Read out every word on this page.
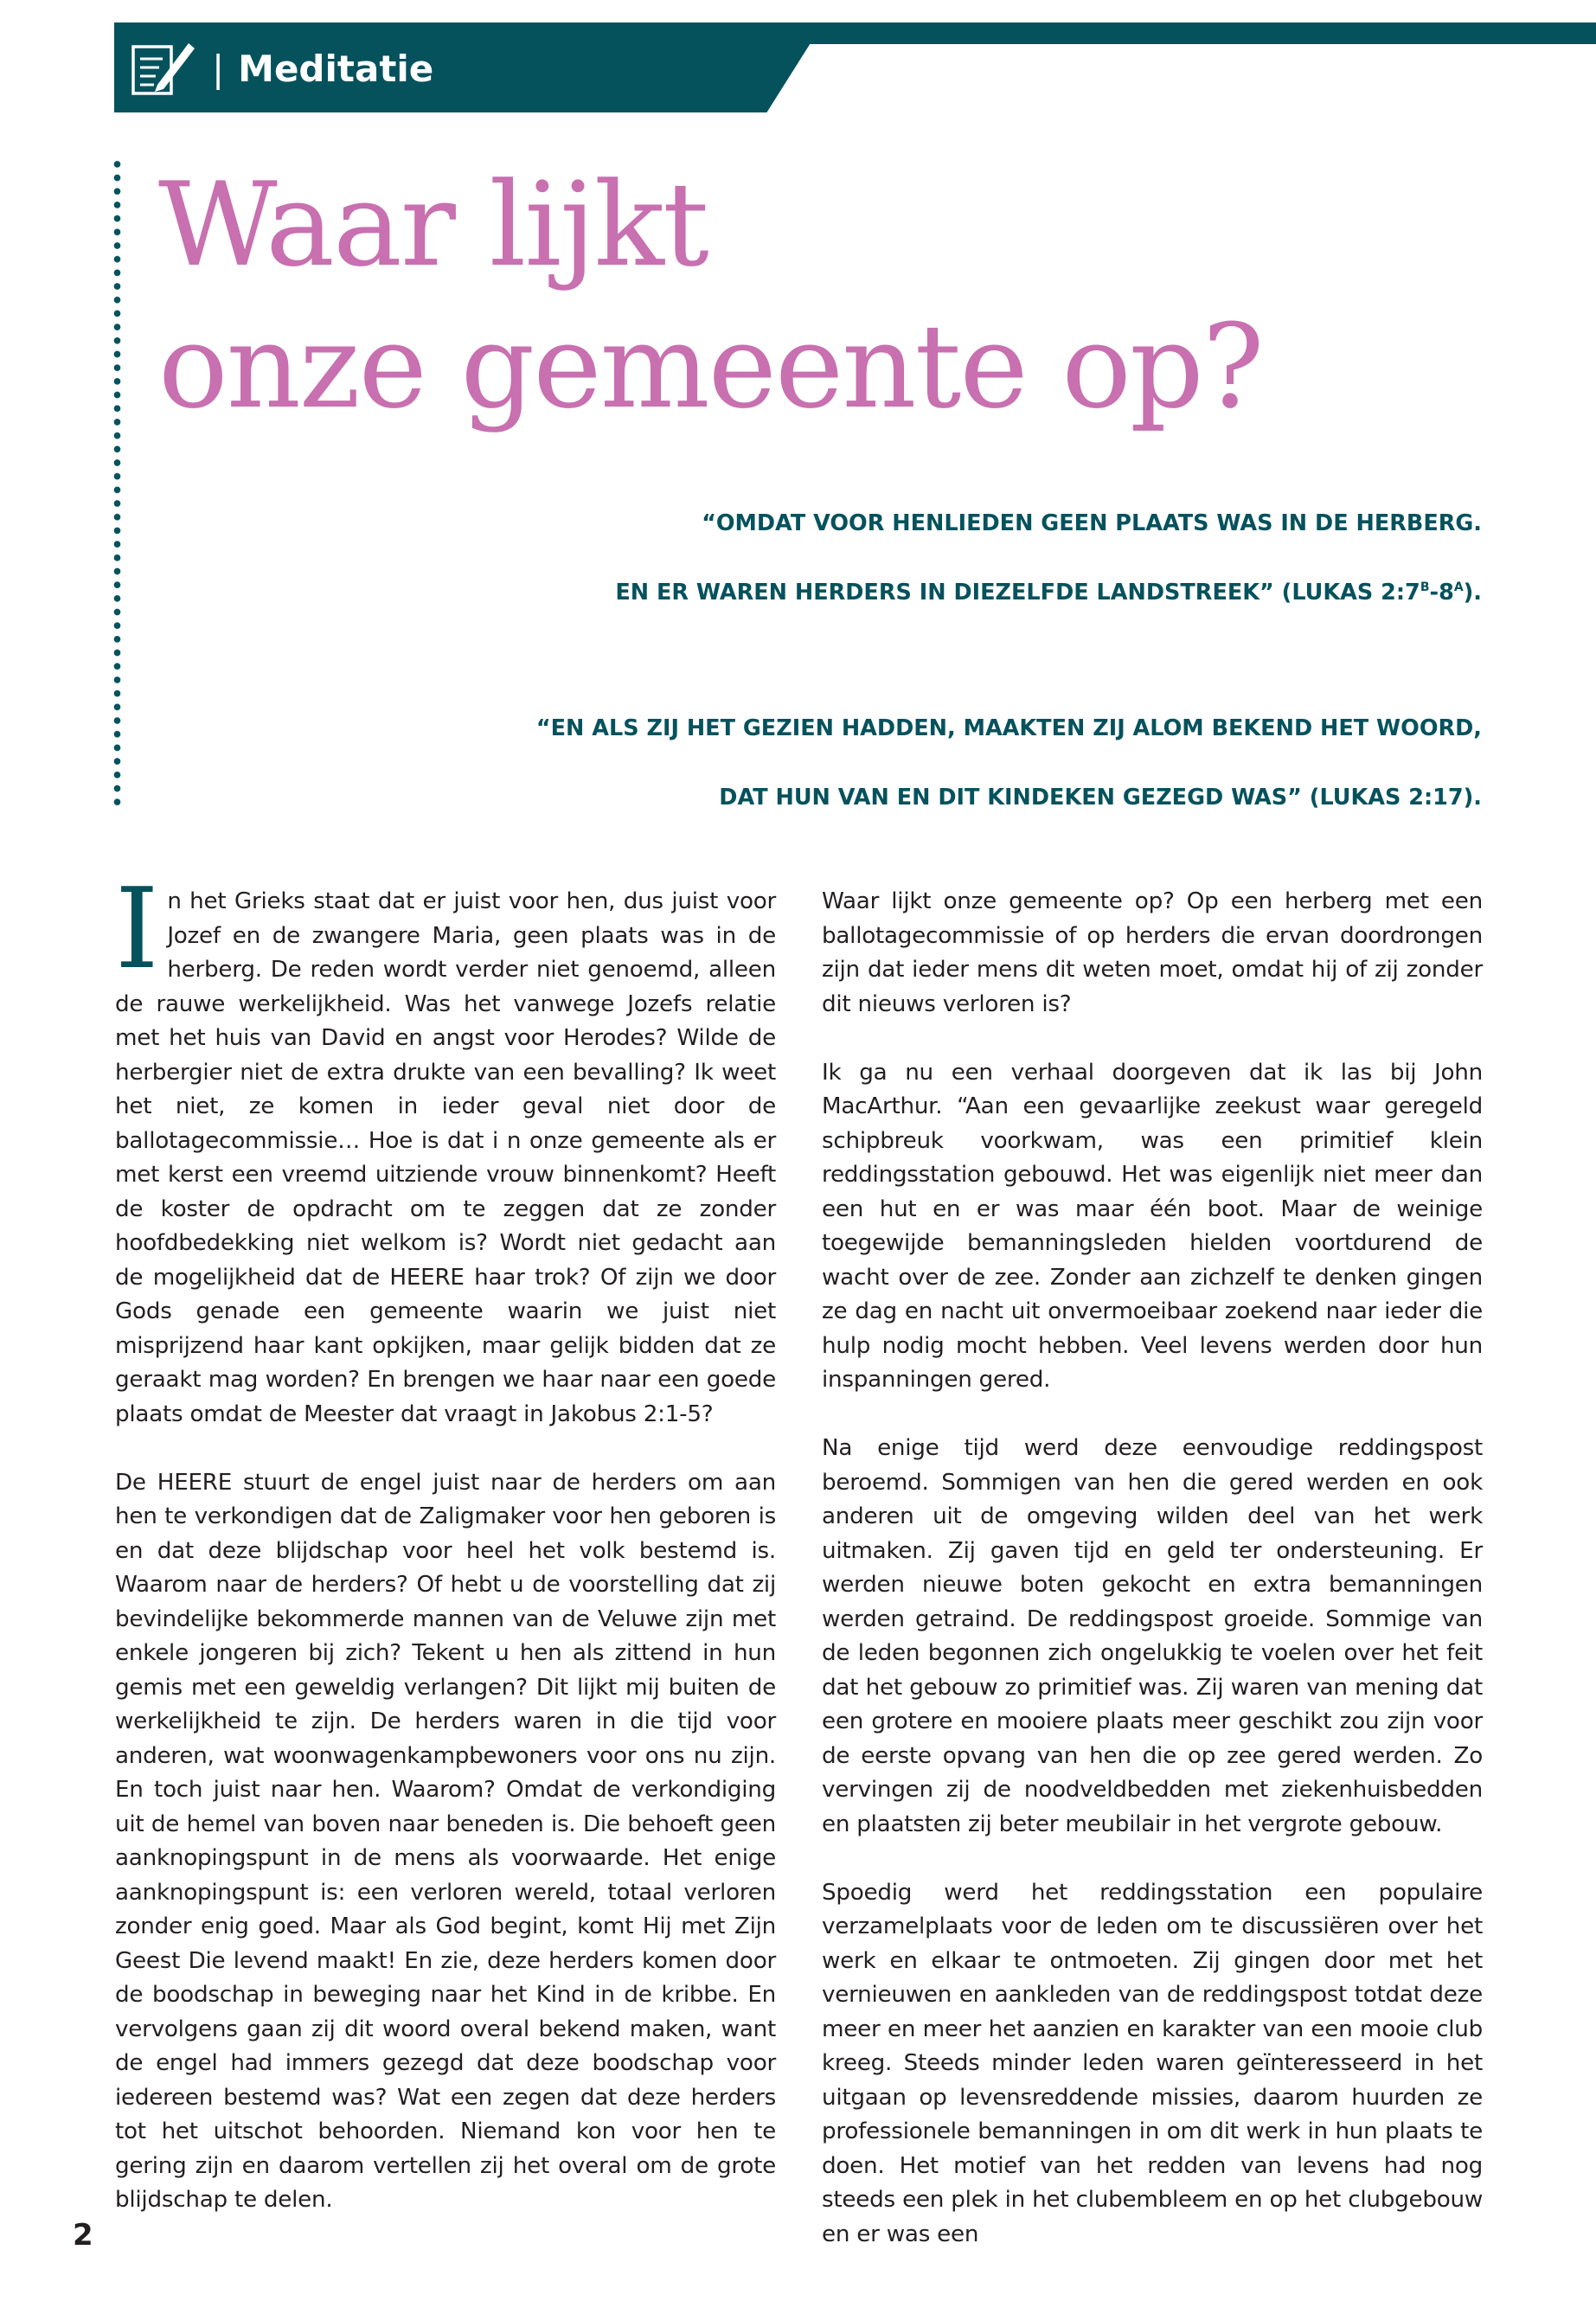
| Meditatie
Waar lijkt
onze gemeente op?

“OMDAT VOOR HENLIEDEN GEEN PLAATS WAS IN DE HERBERG.

EN ER WAREN HERDERS IN DIEZELFDE LANDSTREEK” (LUKAS $2:7^B-8^A$).

“EN ALS ZIJ HET GEZIEN HADDEN, MAAKTEN ZIJ ALOM BEKEND HET WOORD,

DAT HUN VAN EN DIT KINDEKEN GEZEGD WAS” (LUKAS 2:17).

In het Grieks staat dat er juist voor hen, dus juist voor Jozef en de zwangere Maria, geen plaats was in de herberg. De reden wordt verder niet genoemd, alleen de rauwe werkelijkheid. Was het vanwege Jozefs relatie met het huis van David en angst voor Herodes? Wilde de herbergier niet de extra drukte van een bevalling? Ik weet het niet, ze komen in ieder geval niet door de ballotagecommissie… Hoe is dat i n onze gemeente als er met kerst een vreemd uitziende vrouw binnenkomt? Heeft de koster de opdracht om te zeggen dat ze zonder hoofdbedekking niet welkom is? Wordt niet gedacht aan de mogelijkheid dat de HEERE haar trok? Of zijn we door Gods genade een gemeente waarin we juist niet misprijzend haar kant opkijken, maar gelijk bidden dat ze geraakt mag worden? En brengen we haar naar een goede plaats omdat de Meester dat vraagt in Jakobus 2:1-5?

De HEERE stuurt de engel juist naar de herders om aan hen te verkondigen dat de Zaligmaker voor hen geboren is en dat deze blijdschap voor heel het volk bestemd is. Waarom naar de herders? Of hebt u de voorstelling dat zij bevindelijke bekommerde mannen van de Veluwe zijn met enkele jongeren bij zich? Tekent u hen als zittend in hun gemis met een geweldig verlangen? Dit lijkt mij buiten de werkelijkheid te zijn. De herders waren in die tijd voor anderen, wat woonwagenkampbewoners voor ons nu zijn. En toch juist naar hen. Waarom? Omdat de verkondiging uit de hemel van boven naar beneden is. Die behoeft geen aanknopingspunt in de mens als voorwaarde. Het enige aanknopingspunt is: een verloren wereld, totaal verloren zonder enig goed. Maar als God begint, komt Hij met Zijn Geest Die levend maakt! En zie, deze herders komen door de boodschap in beweging naar het Kind in de kribbe. En vervolgens gaan zij dit woord overal bekend maken, want de engel had immers gezegd dat deze boodschap voor iedereen bestemd was? Wat een zegen dat deze herders tot het uitschot behoorden. Niemand kon voor hen te gering zijn en daarom vertellen zij het overal om de grote blijdschap te delen.

Waar lijkt onze gemeente op? Op een herberg met een ballotagecommissie of op herders die ervan doordrongen zijn dat ieder mens dit weten moet, omdat hij of zij zonder dit nieuws verloren is?

Ik ga nu een verhaal doorgeven dat ik las bij John MacArthur. “Aan een gevaarlijke zeekust waar geregeld schipbreuk voorkwam, was een primitief klein reddingsstation gebouwd. Het was eigenlijk niet meer dan een hut en er was maar één boot. Maar de weinige toegewijde bemanningsleden hielden voortdurend de wacht over de zee. Zonder aan zichzelf te denken gingen ze dag en nacht uit onvermoeibaar zoekend naar ieder die hulp nodig mocht hebben. Veel levens werden door hun inspanningen gered.

Na enige tijd werd deze eenvoudige reddingspost beroemd. Sommigen van hen die gered werden en ook anderen uit de omgeving wilden deel van het werk uitmaken. Zij gaven tijd en geld ter ondersteuning. Er werden nieuwe boten gekocht en extra bemanningen werden getraind. De reddingspost groeide. Sommige van de leden begonnen zich ongelukkig te voelen over het feit dat het gebouw zo primitief was. Zij waren van mening dat een grotere en mooiere plaats meer geschikt zou zijn voor de eerste opvang van hen die op zee gered werden. Zo vervingen zij de noodveldbedden met ziekenhuisbedden en plaatsten zij beter meubilair in het vergrote gebouw.

Spoedig werd het reddingsstation een populaire verzamelplaats voor de leden om te discussiëren over het werk en elkaar te ontmoeten. Zij gingen door met het vernieuwen en aankleden van de reddingspost totdat deze meer en meer het aanzien en karakter van een mooie club kreeg. Steeds minder leden waren geïnteresseerd in het uitgaan op levensreddende missies, daarom huurden ze professionele bemanningen in om dit werk in hun plaats te doen. Het motief van het redden van levens had nog steeds een plek in het clubembleem en op het clubgebouw en er was een

2
